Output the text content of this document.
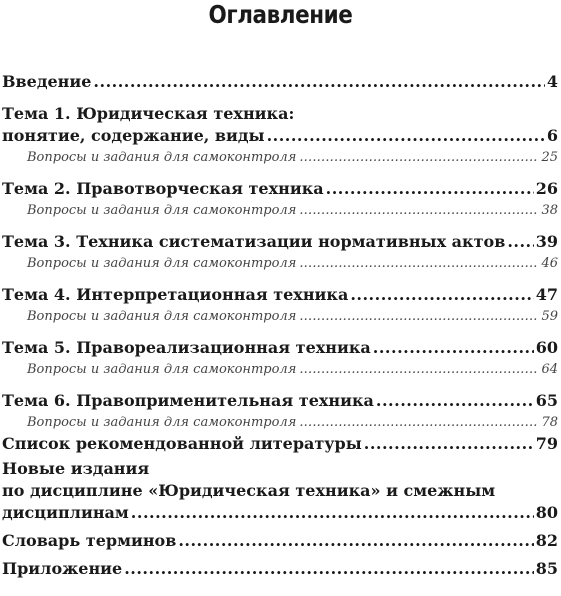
Оглавление
Введение .....	4
Тема 1. Юридическая техника:
понятие, содержание, виды .....	6
Вопросы и задания для самоконтроля .....	25
Тема 2. Правотворческая техника .....	26
Вопросы и задания для самоконтроля .....	38
Тема 3. Техника систематизации нормативных актов ..... 39
Вопросы и задания для самоконтроля .....	46
Тема 4. Интерпретационная техника .....	47
Вопросы и задания для самоконтроля .....	59
Тема 5. Правореализационная техника .....	60
Вопросы и задания для самоконтроля .....	64
Тема 6. Правоприменительная техника .....	65
Вопросы и задания для самоконтроля .....	78
Список рекомендованной литературы .....	79
Новые издания
по дисциплине «Юридическая техника» и смежным
дисциплинам .....	80
Словарь терминов .....	82
Приложение .....	85
